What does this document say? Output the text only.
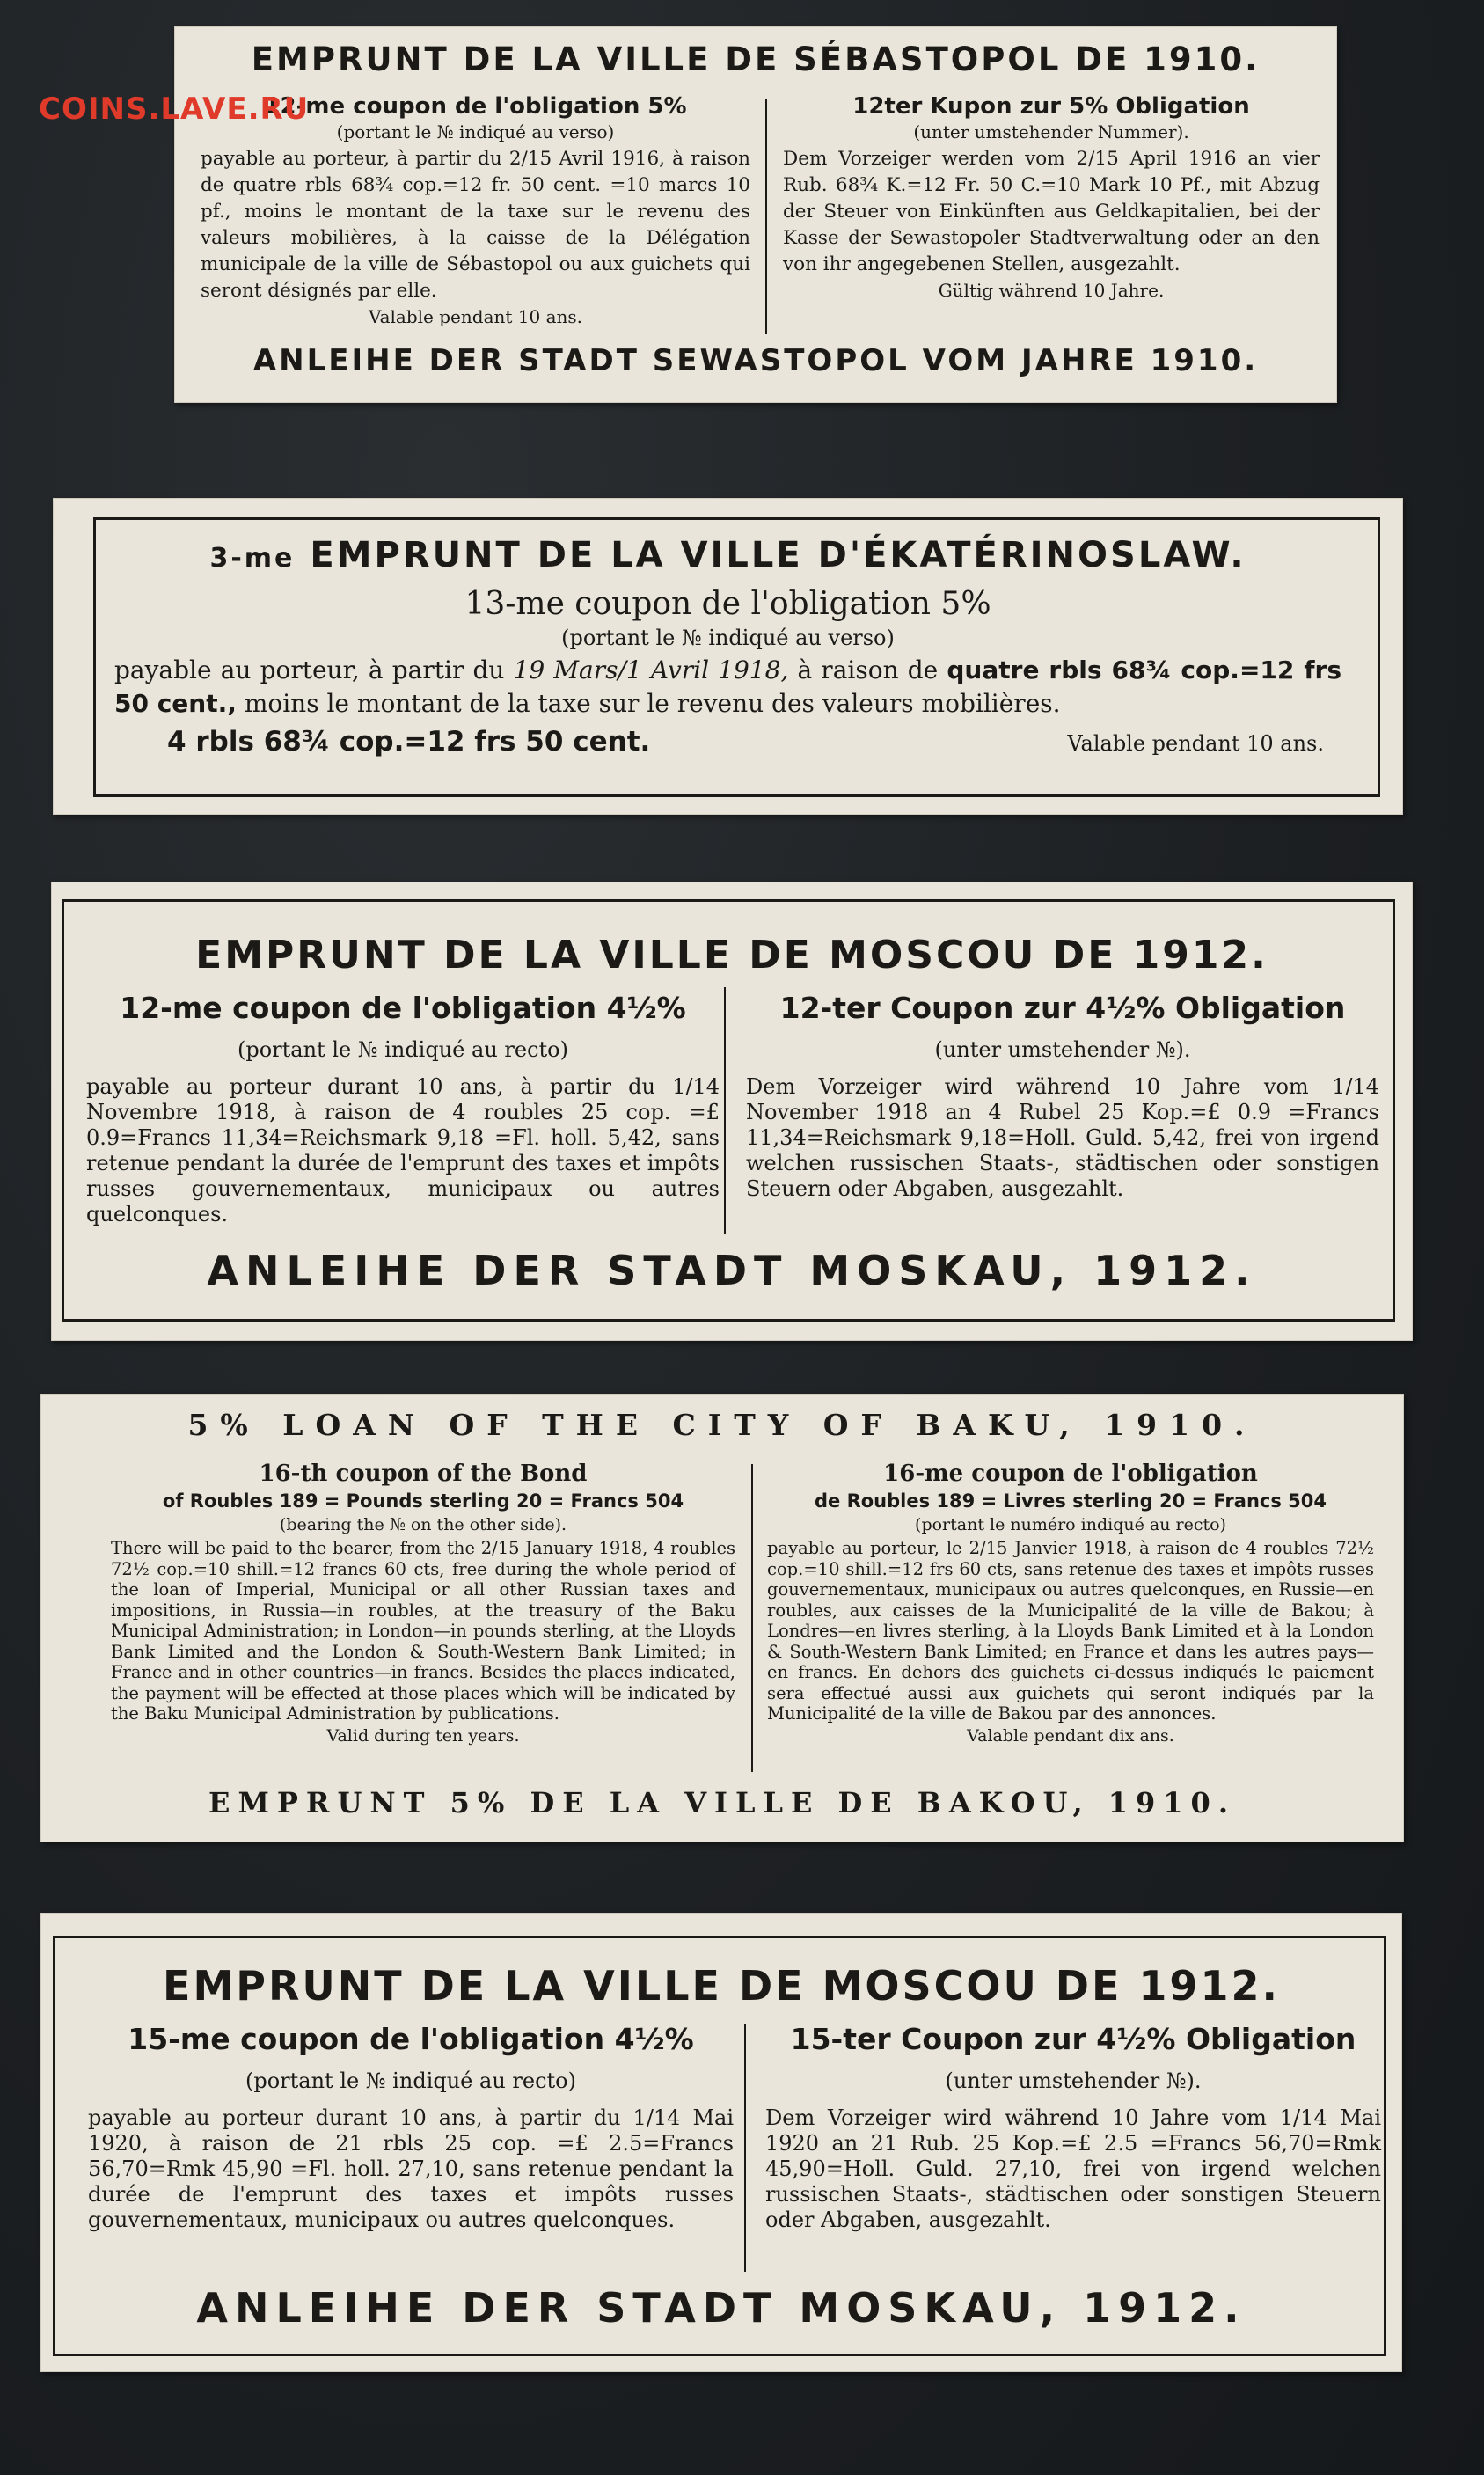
COINS.LAVE.RU
EMPRUNT DE LA VILLE DE SÉBASTOPOL DE 1910.

12-me coupon de l'obligation 5%

(portant le № indiqué au verso)

payable au porteur, à partir du 2/15 Avril 1916, à raison de quatre rbls 68¾ cop.=12 fr. 50 cent. =10 marcs 10 pf., moins le montant de la taxe sur le revenu des valeurs mobilières, à la caisse de la Délégation municipale de la ville de Sébastopol ou aux guichets qui seront désignés par elle.

Valable pendant 10 ans.

12ter Kupon zur 5% Obligation

(unter umstehender Nummer).

Dem Vorzeiger werden vom 2/15 April 1916 an vier Rub. 68¾ K.=12 Fr. 50 C.=10 Mark 10 Pf., mit Abzug der Steuer von Einkünften aus Geldkapitalien, bei der Kasse der Sewastopoler Stadtverwaltung oder an den von ihr angegebenen Stellen, ausgezahlt.

Gültig während 10 Jahre.

ANLEIHE DER STADT SEWASTOPOL VOM JAHRE 1910.
3-me EMPRUNT DE LA VILLE D'ÉKATÉRINOSLAW.

13-me coupon de l'obligation 5%

(portant le № indiqué au verso)

payable au porteur, à partir du 19 Mars/1 Avril 1918, à raison de quatre rbls 68¾ cop.=12 frs 50 cent., moins le montant de la taxe sur le revenu des valeurs mobilières.

4 rbls 68¾ cop.=12 frs 50 cent.	Valable pendant 10 ans.

EMPRUNT DE LA VILLE DE MOSCOU DE 1912.

12-me coupon de l'obligation 4½%

(portant le № indiqué au recto)

payable au porteur durant 10 ans, à partir du 1/14 Novembre 1918, à raison de 4 roubles 25 cop. =£ 0.9=Francs 11,34=Reichsmark 9,18 =Fl. holl. 5,42, sans retenue pendant la durée de l'emprunt des taxes et impôts russes gouvernementaux, municipaux ou autres quelconques.

12-ter Coupon zur 4½% Obligation

(unter umstehender №).

Dem Vorzeiger wird während 10 Jahre vom 1/14 November 1918 an 4 Rubel 25 Kop.=£ 0.9 =Francs 11,34=Reichsmark 9,18=Holl. Guld. 5,42, frei von irgend welchen russischen Staats-, städtischen oder sonstigen Steuern oder Abgaben, ausgezahlt.

ANLEIHE DER STADT MOSKAU, 1912.
5% LOAN OF THE CITY OF BAKU, 1910.

16-th coupon of the Bond

of Roubles 189 = Pounds sterling 20 = Francs 504

(bearing the № on the other side).

There will be paid to the bearer, from the 2/15 January 1918, 4 roubles 72½ cop.=10 shill.=12 francs 60 cts, free during the whole period of the loan of Imperial, Municipal or all other Russian taxes and impositions, in Russia—in roubles, at the treasury of the Baku Municipal Administration; in London—in pounds sterling, at the Lloyds Bank Limited and the London & South-Western Bank Limited; in France and in other countries—in francs. Besides the places indicated, the payment will be effected at those places which will be indicated by the Baku Municipal Administration by publications.

Valid during ten years.

16-me coupon de l'obligation

de Roubles 189 = Livres sterling 20 = Francs 504

(portant le numéro indiqué au recto)

payable au porteur, le 2/15 Janvier 1918, à raison de 4 roubles 72½ cop.=10 shill.=12 frs 60 cts, sans retenue des taxes et impôts russes gouvernementaux, municipaux ou autres quelconques, en Russie—en roubles, aux caisses de la Municipalité de la ville de Bakou; à Londres—en livres sterling, à la Lloyds Bank Limited et à la London & South-Western Bank Limited; en France et dans les autres pays—en francs. En dehors des guichets ci-dessus indiqués le paiement sera effectué aussi aux guichets qui seront indiqués par la Municipalité de la ville de Bakou par des annonces.

Valable pendant dix ans.

EMPRUNT 5% DE LA VILLE DE BAKOU, 1910.
EMPRUNT DE LA VILLE DE MOSCOU DE 1912.

15-me coupon de l'obligation 4½%

(portant le № indiqué au recto)

payable au porteur durant 10 ans, à partir du 1/14 Mai 1920, à raison de 21 rbls 25 cop. =£ 2.5=Francs 56,70=Rmk 45,90 =Fl. holl. 27,10, sans retenue pendant la durée de l'emprunt des taxes et impôts russes gouvernementaux, municipaux ou autres quelconques.

15-ter Coupon zur 4½% Obligation

(unter umstehender №).

Dem Vorzeiger wird während 10 Jahre vom 1/14 Mai 1920 an 21 Rub. 25 Kop.=£ 2.5 =Francs 56,70=Rmk 45,90=Holl. Guld. 27,10, frei von irgend welchen russischen Staats-, städtischen oder sonstigen Steuern oder Abgaben, ausgezahlt.

ANLEIHE DER STADT MOSKAU, 1912.
